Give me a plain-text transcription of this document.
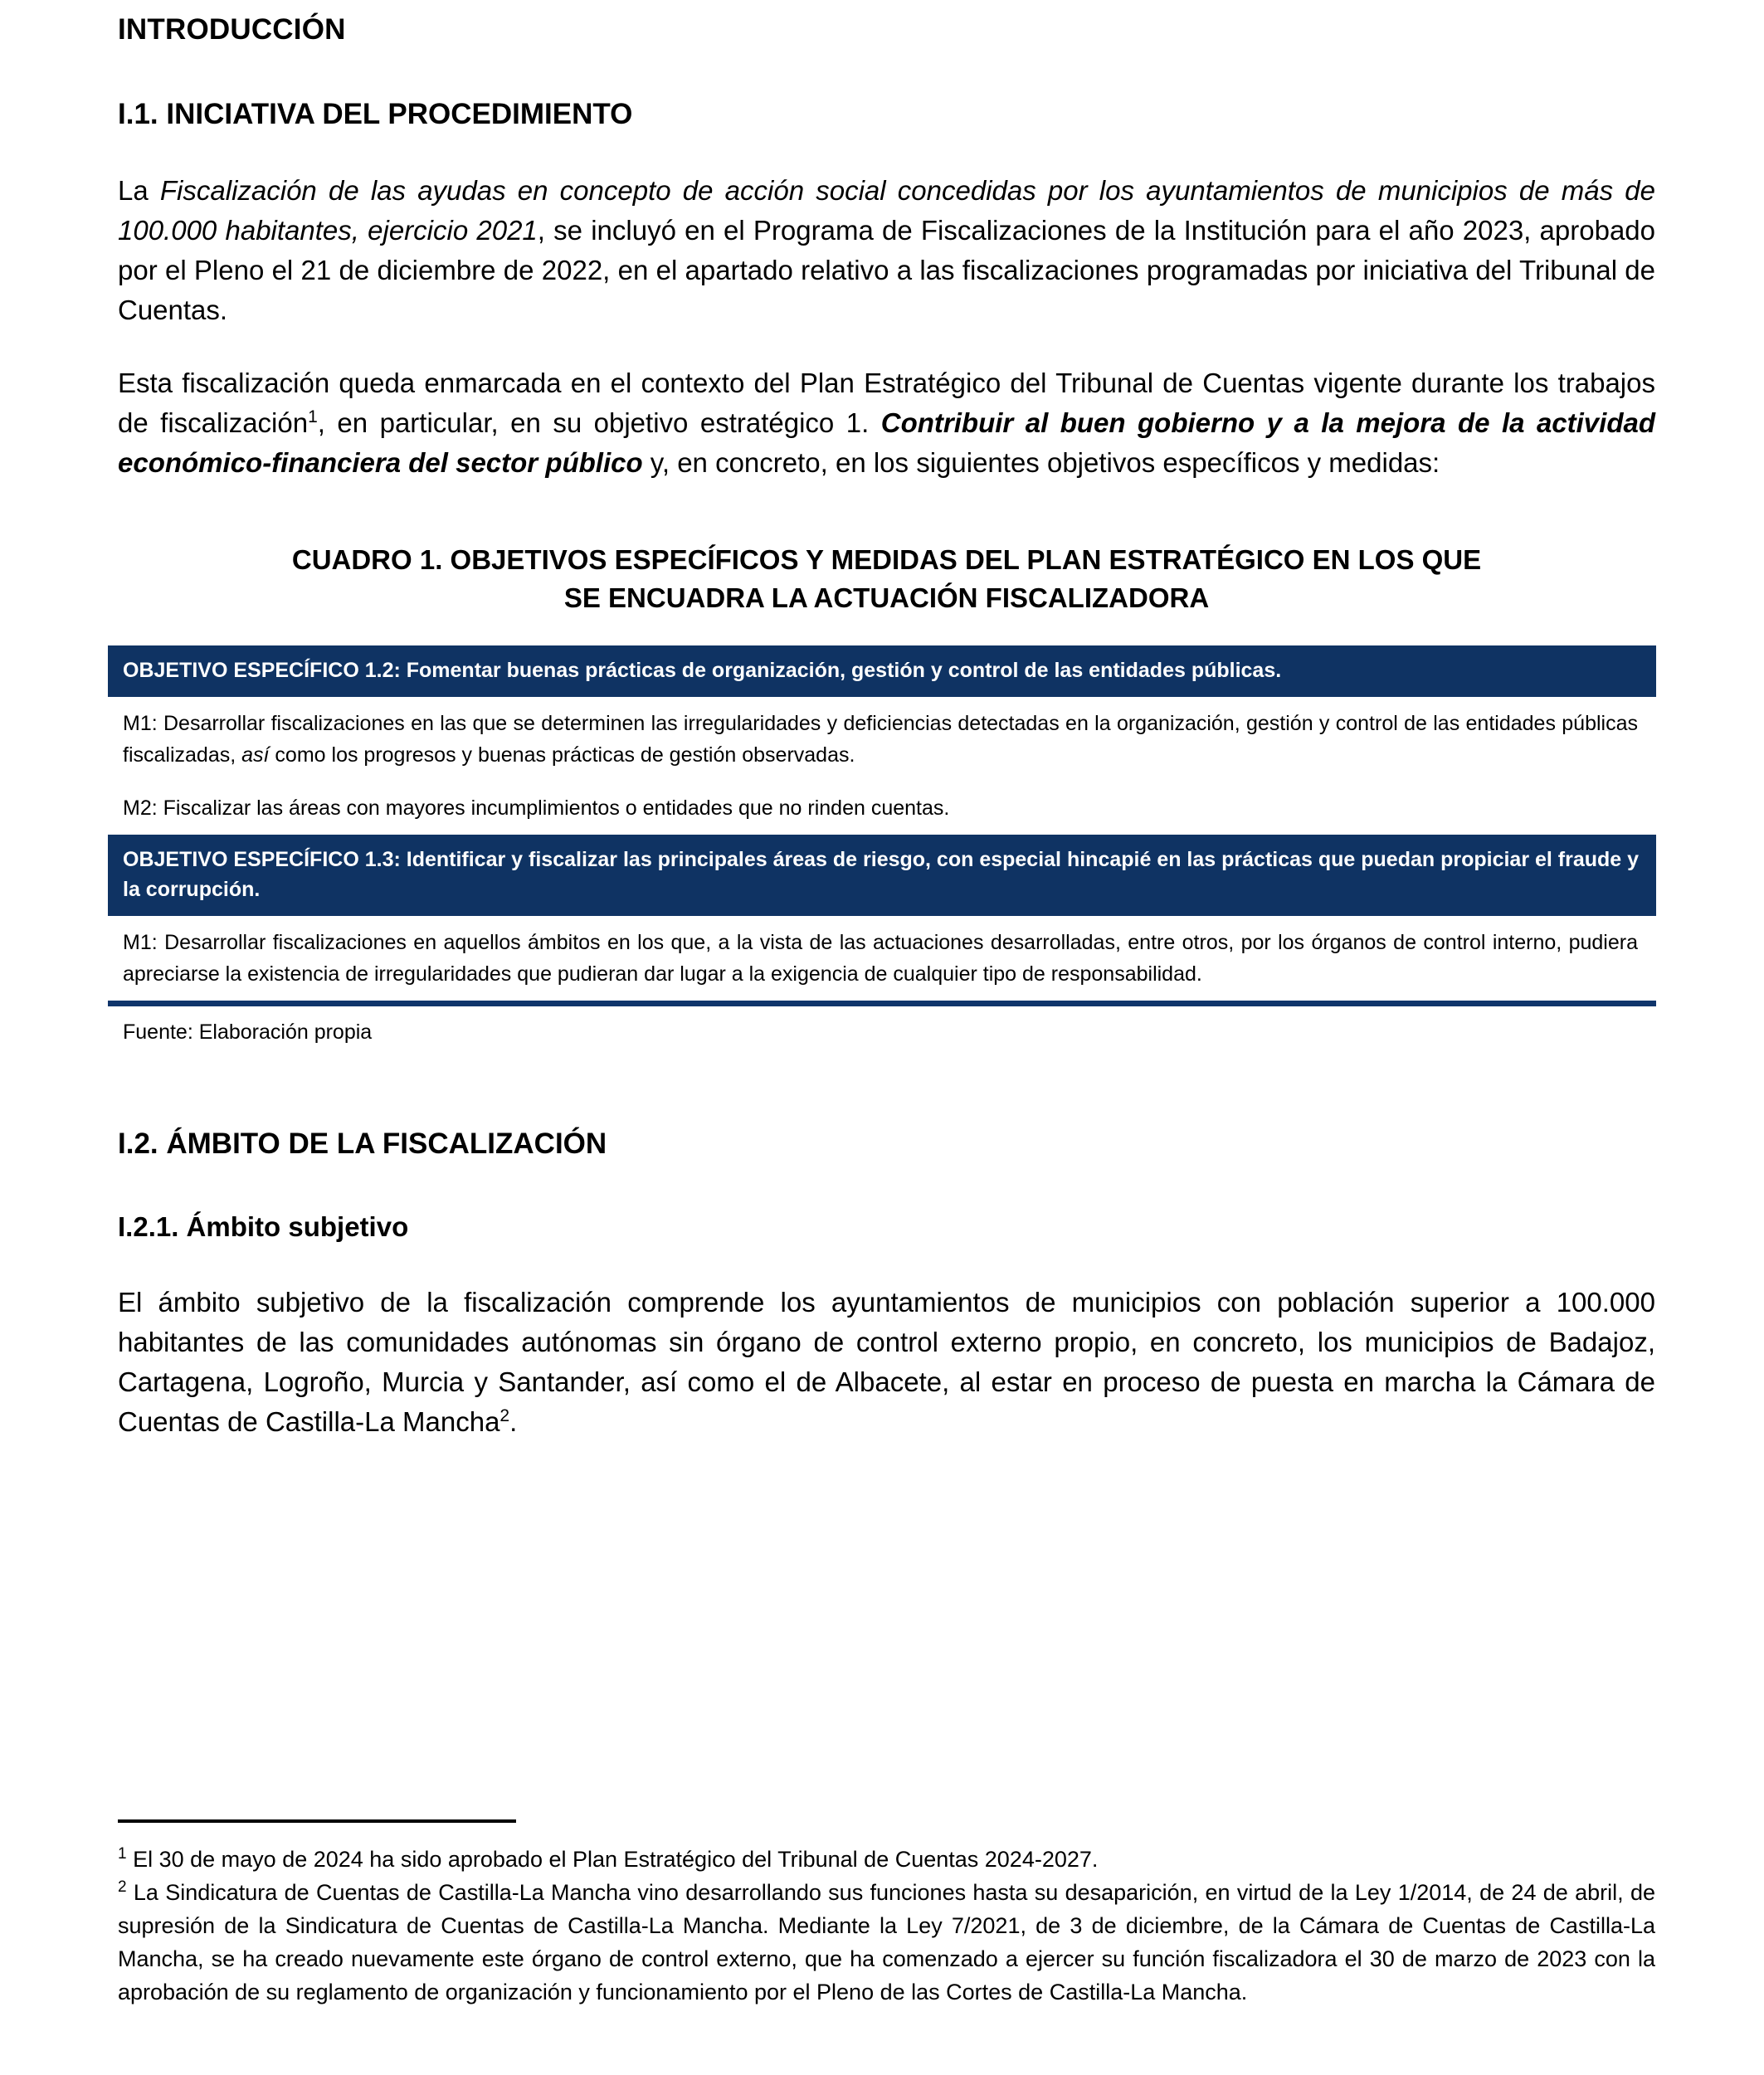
INTRODUCCIÓN
I.1. INICIATIVA DEL PROCEDIMIENTO

La Fiscalización de las ayudas en concepto de acción social concedidas por los ayuntamientos de municipios de más de 100.000 habitantes, ejercicio 2021, se incluyó en el Programa de Fiscalizaciones de la Institución para el año 2023, aprobado por el Pleno el 21 de diciembre de 2022, en el apartado relativo a las fiscalizaciones programadas por iniciativa del Tribunal de Cuentas.

Esta fiscalización queda enmarcada en el contexto del Plan Estratégico del Tribunal de Cuentas vigente durante los trabajos de fiscalización$^1$, en particular, en su objetivo estratégico 1. Contribuir al buen gobierno y a la mejora de la actividad económico-financiera del sector público y, en concreto, en los siguientes objetivos específicos y medidas:

CUADRO 1. OBJETIVOS ESPECÍFICOS Y MEDIDAS DEL PLAN ESTRATÉGICO EN LOS QUE
SE ENCUADRA LA ACTUACIÓN FISCALIZADORA
OBJETIVO ESPECÍFICO 1.2: Fomentar buenas prácticas de organización, gestión y control de las entidades públicas.
M1: Desarrollar fiscalizaciones en las que se determinen las irregularidades y deficiencias detectadas en la organización, gestión y control de las entidades públicas fiscalizadas, así como los progresos y buenas prácticas de gestión observadas.
M2: Fiscalizar las áreas con mayores incumplimientos o entidades que no rinden cuentas.
OBJETIVO ESPECÍFICO 1.3: Identificar y fiscalizar las principales áreas de riesgo, con especial hincapié en las prácticas que puedan propiciar el fraude y la corrupción.
M1: Desarrollar fiscalizaciones en aquellos ámbitos en los que, a la vista de las actuaciones desarrolladas, entre otros, por los órganos de control interno, pudiera apreciarse la existencia de irregularidades que pudieran dar lugar a la exigencia de cualquier tipo de responsabilidad.
Fuente: Elaboración propia
I.2. ÁMBITO DE LA FISCALIZACIÓN
I.2.1. Ámbito subjetivo

El ámbito subjetivo de la fiscalización comprende los ayuntamientos de municipios con población superior a 100.000 habitantes de las comunidades autónomas sin órgano de control externo propio, en concreto, los municipios de Badajoz, Cartagena, Logroño, Murcia y Santander, así como el de Albacete, al estar en proceso de puesta en marcha la Cámara de Cuentas de Castilla-La Mancha$^2$.

$^1$ El 30 de mayo de 2024 ha sido aprobado el Plan Estratégico del Tribunal de Cuentas 2024-2027.

$^2$ La Sindicatura de Cuentas de Castilla-La Mancha vino desarrollando sus funciones hasta su desaparición, en virtud de la Ley 1/2014, de 24 de abril, de supresión de la Sindicatura de Cuentas de Castilla-La Mancha. Mediante la Ley 7/2021, de 3 de diciembre, de la Cámara de Cuentas de Castilla-La Mancha, se ha creado nuevamente este órgano de control externo, que ha comenzado a ejercer su función fiscalizadora el 30 de marzo de 2023 con la aprobación de su reglamento de organización y funcionamiento por el Pleno de las Cortes de Castilla-La Mancha.
